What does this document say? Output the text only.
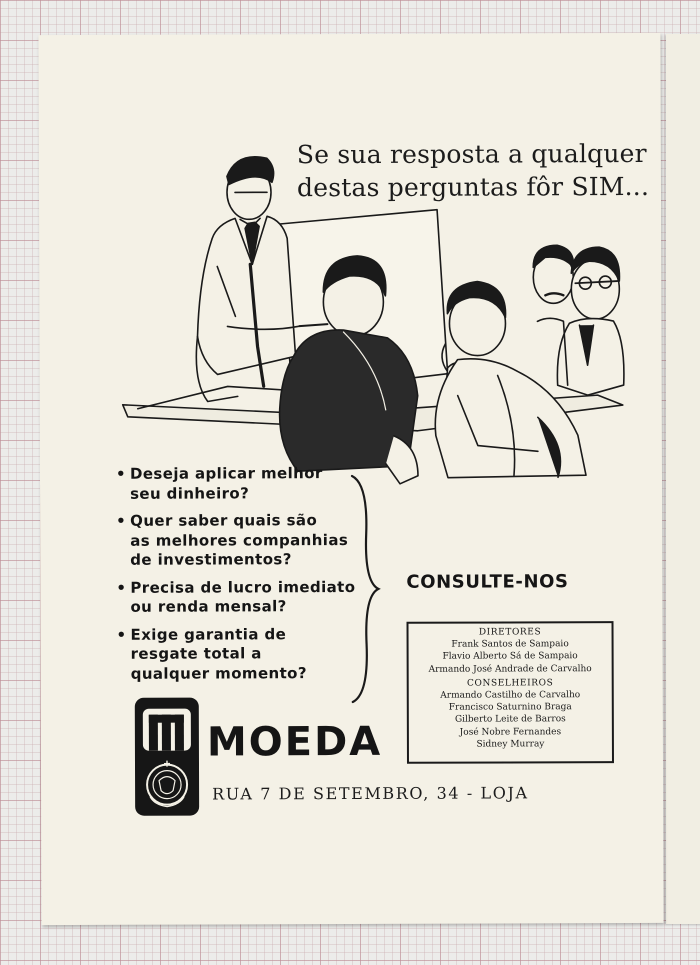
Se sua resposta a qualquer
destas perguntas fôr SIM...
• Deseja aplicar melhor
seu dinheiro?
• Quer saber quais são
as melhores companhias
de investimentos?
• Precisa de lucro imediato
ou renda mensal?
• Exige garantia de
resgate total a
qualquer momento?
CONSULTE-NOS
DIRETORES
Frank Santos de Sampaio
Flavio Alberto Sá de Sampaio
Armando José Andrade de Carvalho
CONSELHEIROS
Armando Castilho de Carvalho
Francisco Saturnino Braga
Gilberto Leite de Barros
José Nobre Fernandes
Sidney Murray
MOEDA
RUA 7 DE SETEMBRO, 34 - LOJA
